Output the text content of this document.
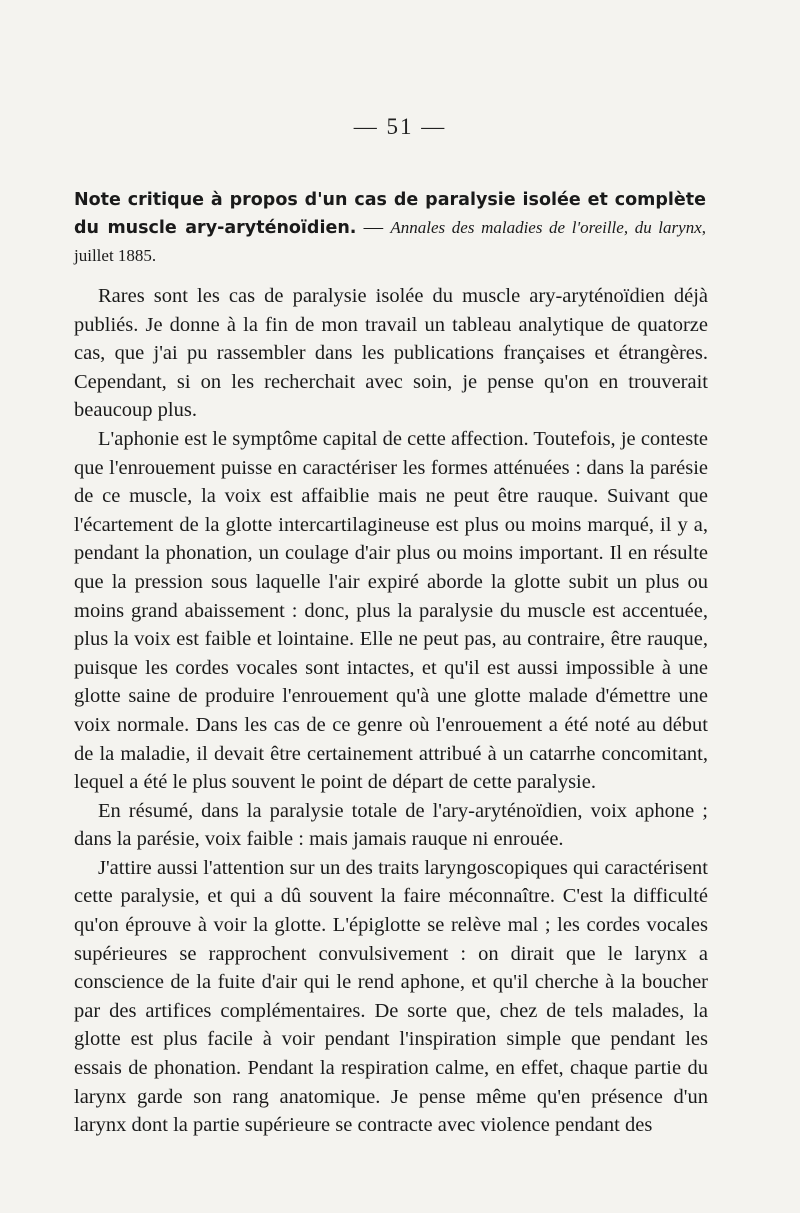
— 51 —
Note critique à propos d'un cas de paralysie isolée et complète du muscle ary-aryténoïdien. — Annales des maladies de l'oreille, du larynx, juillet 1885.

Rares sont les cas de paralysie isolée du muscle ary-aryténoïdien déjà publiés. Je donne à la fin de mon travail un tableau analytique de quatorze cas, que j'ai pu rassembler dans les publications françaises et étrangères. Cependant, si on les recherchait avec soin, je pense qu'on en trouverait beaucoup plus.

L'aphonie est le symptôme capital de cette affection. Toutefois, je conteste que l'enrouement puisse en caractériser les formes atténuées : dans la parésie de ce muscle, la voix est affaiblie mais ne peut être rauque. Suivant que l'écartement de la glotte intercartilagineuse est plus ou moins marqué, il y a, pendant la phonation, un coulage d'air plus ou moins important. Il en résulte que la pression sous laquelle l'air expiré aborde la glotte subit un plus ou moins grand abaissement : donc, plus la paralysie du muscle est accentuée, plus la voix est faible et lointaine. Elle ne peut pas, au contraire, être rauque, puisque les cordes vocales sont intactes, et qu'il est aussi impossible à une glotte saine de produire l'enrouement qu'à une glotte malade d'émettre une voix normale. Dans les cas de ce genre où l'enrouement a été noté au début de la maladie, il devait être certainement attribué à un catarrhe concomitant, lequel a été le plus souvent le point de départ de cette paralysie.

En résumé, dans la paralysie totale de l'ary-aryténoïdien, voix aphone ; dans la parésie, voix faible : mais jamais rauque ni enrouée.

J'attire aussi l'attention sur un des traits laryngoscopiques qui caractérisent cette paralysie, et qui a dû souvent la faire méconnaître. C'est la difficulté qu'on éprouve à voir la glotte. L'épiglotte se relève mal ; les cordes vocales supérieures se rapprochent convulsivement : on dirait que le larynx a conscience de la fuite d'air qui le rend aphone, et qu'il cherche à la boucher par des artifices complémentaires. De sorte que, chez de tels malades, la glotte est plus facile à voir pendant l'inspiration simple que pendant les essais de phonation. Pendant la respiration calme, en effet, chaque partie du larynx garde son rang anatomique. Je pense même qu'en présence d'un larynx dont la partie supérieure se contracte avec violence pendant des
